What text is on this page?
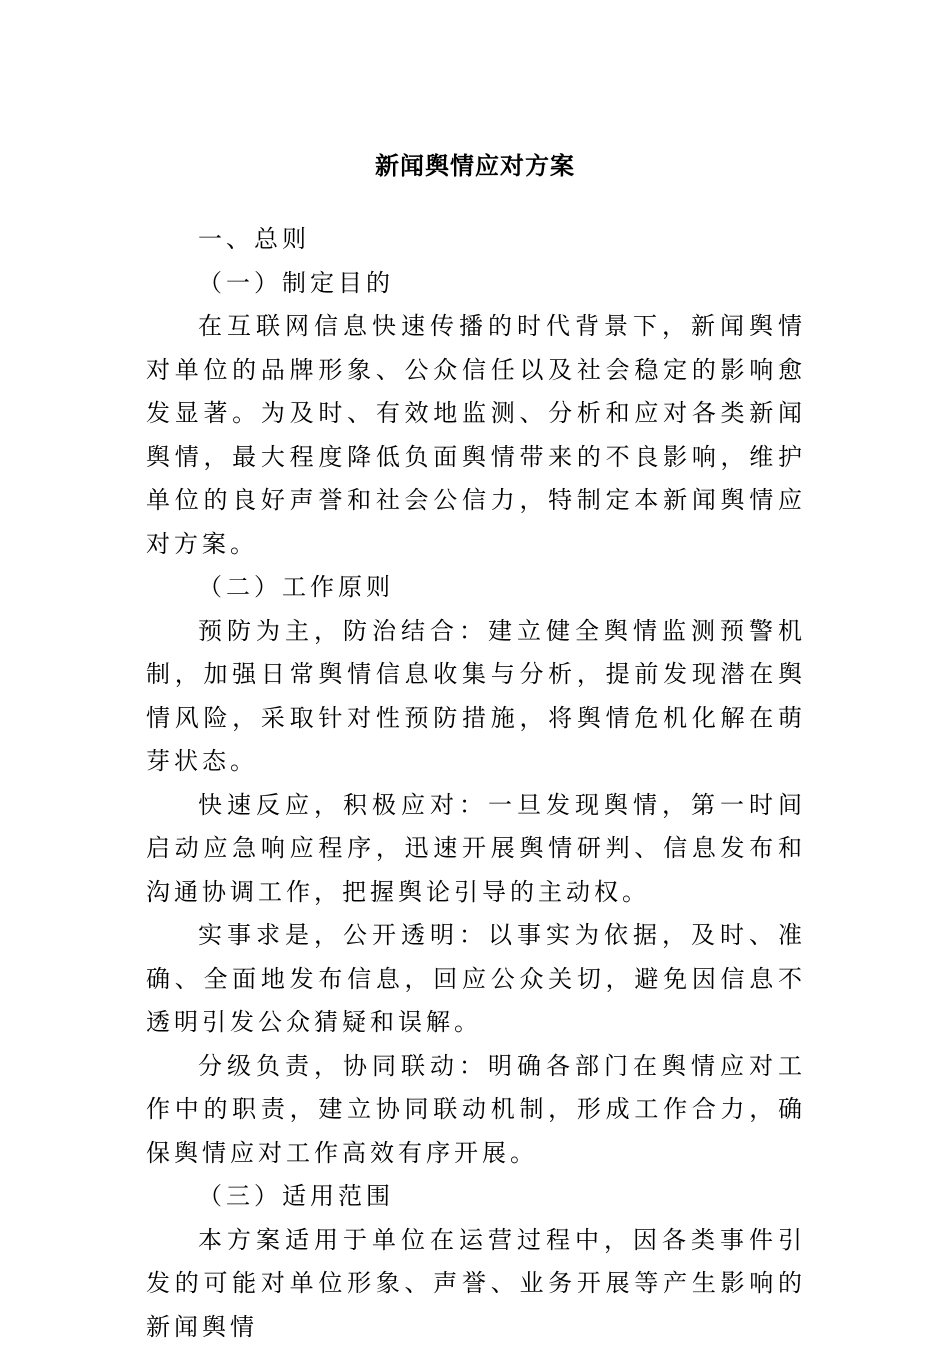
新闻舆情应对方案

一、总则

（一）制定目的

在互联网信息快速传播的时代背景下，新闻舆情对单位的品牌形象、公众信任以及社会稳定的影响愈发显著。为及时、有效地监测、分析和应对各类新闻舆情，最大程度降低负面舆情带来的不良影响，维护单位的良好声誉和社会公信力，特制定本新闻舆情应对方案。

（二）工作原则

预防为主，防治结合：建立健全舆情监测预警机制，加强日常舆情信息收集与分析，提前发现潜在舆情风险，采取针对性预防措施，将舆情危机化解在萌芽状态。

快速反应，积极应对：一旦发现舆情，第一时间启动应急响应程序，迅速开展舆情研判、信息发布和沟通协调工作，把握舆论引导的主动权。

实事求是，公开透明：以事实为依据，及时、准确、全面地发布信息，回应公众关切，避免因信息不透明引发公众猜疑和误解。

分级负责，协同联动：明确各部门在舆情应对工作中的职责，建立协同联动机制，形成工作合力，确保舆情应对工作高效有序开展。

（三）适用范围

本方案适用于单位在运营过程中，因各类事件引发的可能对单位形象、声誉、业务开展等产生影响的新闻舆情
